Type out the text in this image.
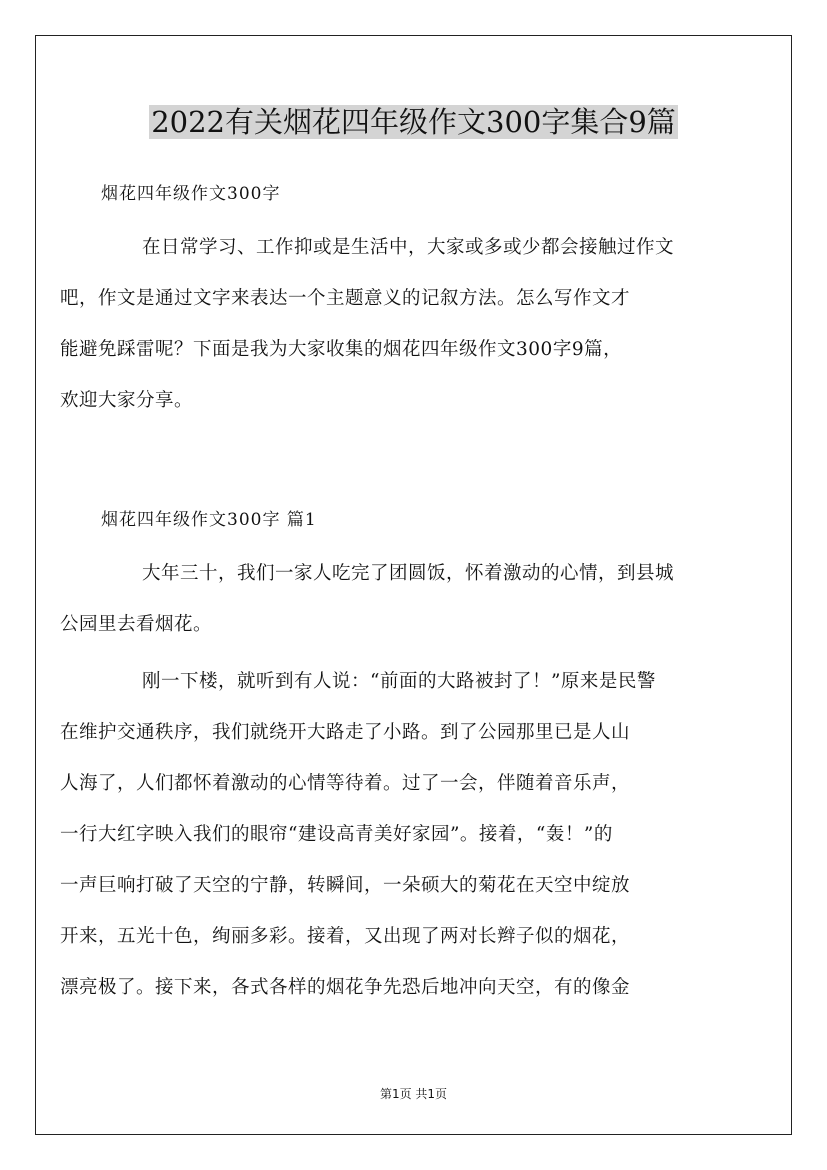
2022有关烟花四年级作文300字集合9篇
烟花四年级作文300字
在日常学习、工作抑或是生活中，大家或多或少都会接触过作文
吧，作文是通过文字来表达一个主题意义的记叙方法。怎么写作文才
能避免踩雷呢？下面是我为大家收集的烟花四年级作文300字9篇，
欢迎大家分享。
烟花四年级作文300字 篇1
大年三十，我们一家人吃完了团圆饭，怀着激动的心情，到县城
公园里去看烟花。
刚一下楼，就听到有人说：“前面的大路被封了！”原来是民警
在维护交通秩序，我们就绕开大路走了小路。到了公园那里已是人山
人海了，人们都怀着激动的心情等待着。过了一会，伴随着音乐声，
一行大红字映入我们的眼帘“建设高青美好家园”。接着，“轰！”的
一声巨响打破了天空的宁静，转瞬间，一朵硕大的菊花在天空中绽放
开来，五光十色，绚丽多彩。接着，又出现了两对长辫子似的烟花，
漂亮极了。接下来，各式各样的烟花争先恐后地冲向天空，有的像金
第1页 共1页
